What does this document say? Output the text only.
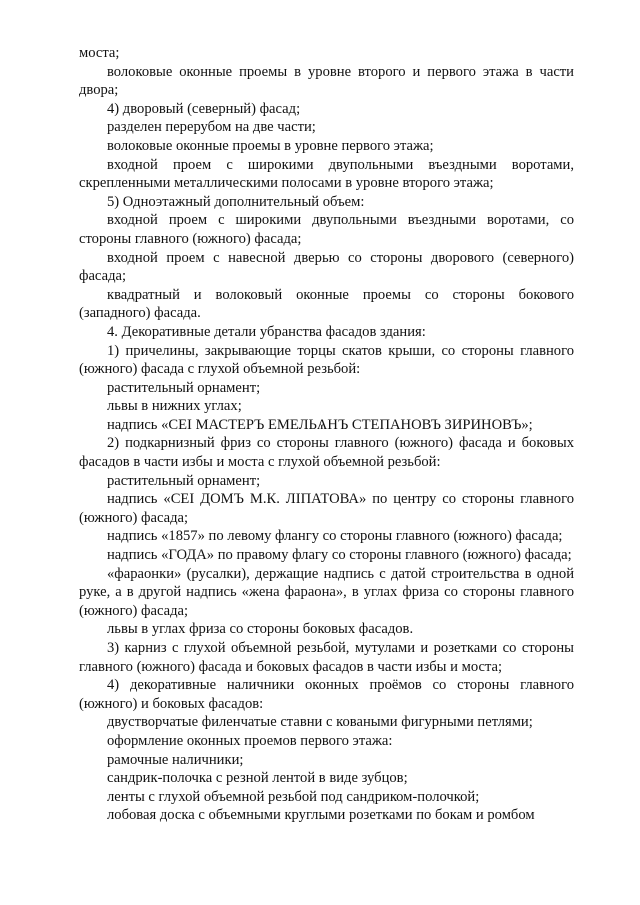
моста;

волоковые оконные проемы в уровне второго и первого этажа в части двора;

4) дворовый (северный) фасад;

разделен перерубом на две части;

волоковые оконные проемы в уровне первого этажа;

входной проем с широкими двупольными въездными воротами, скрепленными металлическими полосами в уровне второго этажа;

5) Одноэтажный дополнительный объем:

входной проем с широкими двупольными въездными воротами, со стороны главного (южного) фасада;

входной проем с навесной дверью со стороны дворового (северного) фасада;

квадратный и волоковый оконные проемы со стороны бокового (западного) фасада.

4. Декоративные детали убранства фасадов здания:

1) причелины, закрывающие торцы скатов крыши, со стороны главного (южного) фасада с глухой объемной резьбой:

растительный орнамент;

львы в нижних углах;

надпись «СЕI МАСТЕРЪ ЕМЕЛЬѦНЪ СТЕПАНОВЪ ЗИРИНОВЪ»;

2) подкарнизный фриз со стороны главного (южного) фасада и боковых фасадов в части избы и моста с глухой объемной резьбой:

растительный орнамент;

надпись «СЕI ДОМЪ М.К. ЛIПАТОВА» по центру со стороны главного (южного) фасада;

надпись «1857» по левому флангу со стороны главного (южного) фасада;

надпись «ГОДА» по правому флагу со стороны главного (южного) фасада;

«фараонки» (русалки), держащие надпись с датой строительства в одной руке, а в другой надпись «жена фараона», в углах фриза со стороны главного (южного) фасада;

львы в углах фриза со стороны боковых фасадов.

3) карниз с глухой объемной резьбой, мутулами и розетками со стороны главного (южного) фасада и боковых фасадов в части избы и моста;

4) декоративные наличники оконных проёмов со стороны главного (южного) и боковых фасадов:

двустворчатые филенчатые ставни с коваными фигурными петлями;

оформление оконных проемов первого этажа:

рамочные наличники;

сандрик-полочка с резной лентой в виде зубцов;

ленты с глухой объемной резьбой под сандриком-полочкой;

лобовая доска с объемными круглыми розетками по бокам и ромбом
